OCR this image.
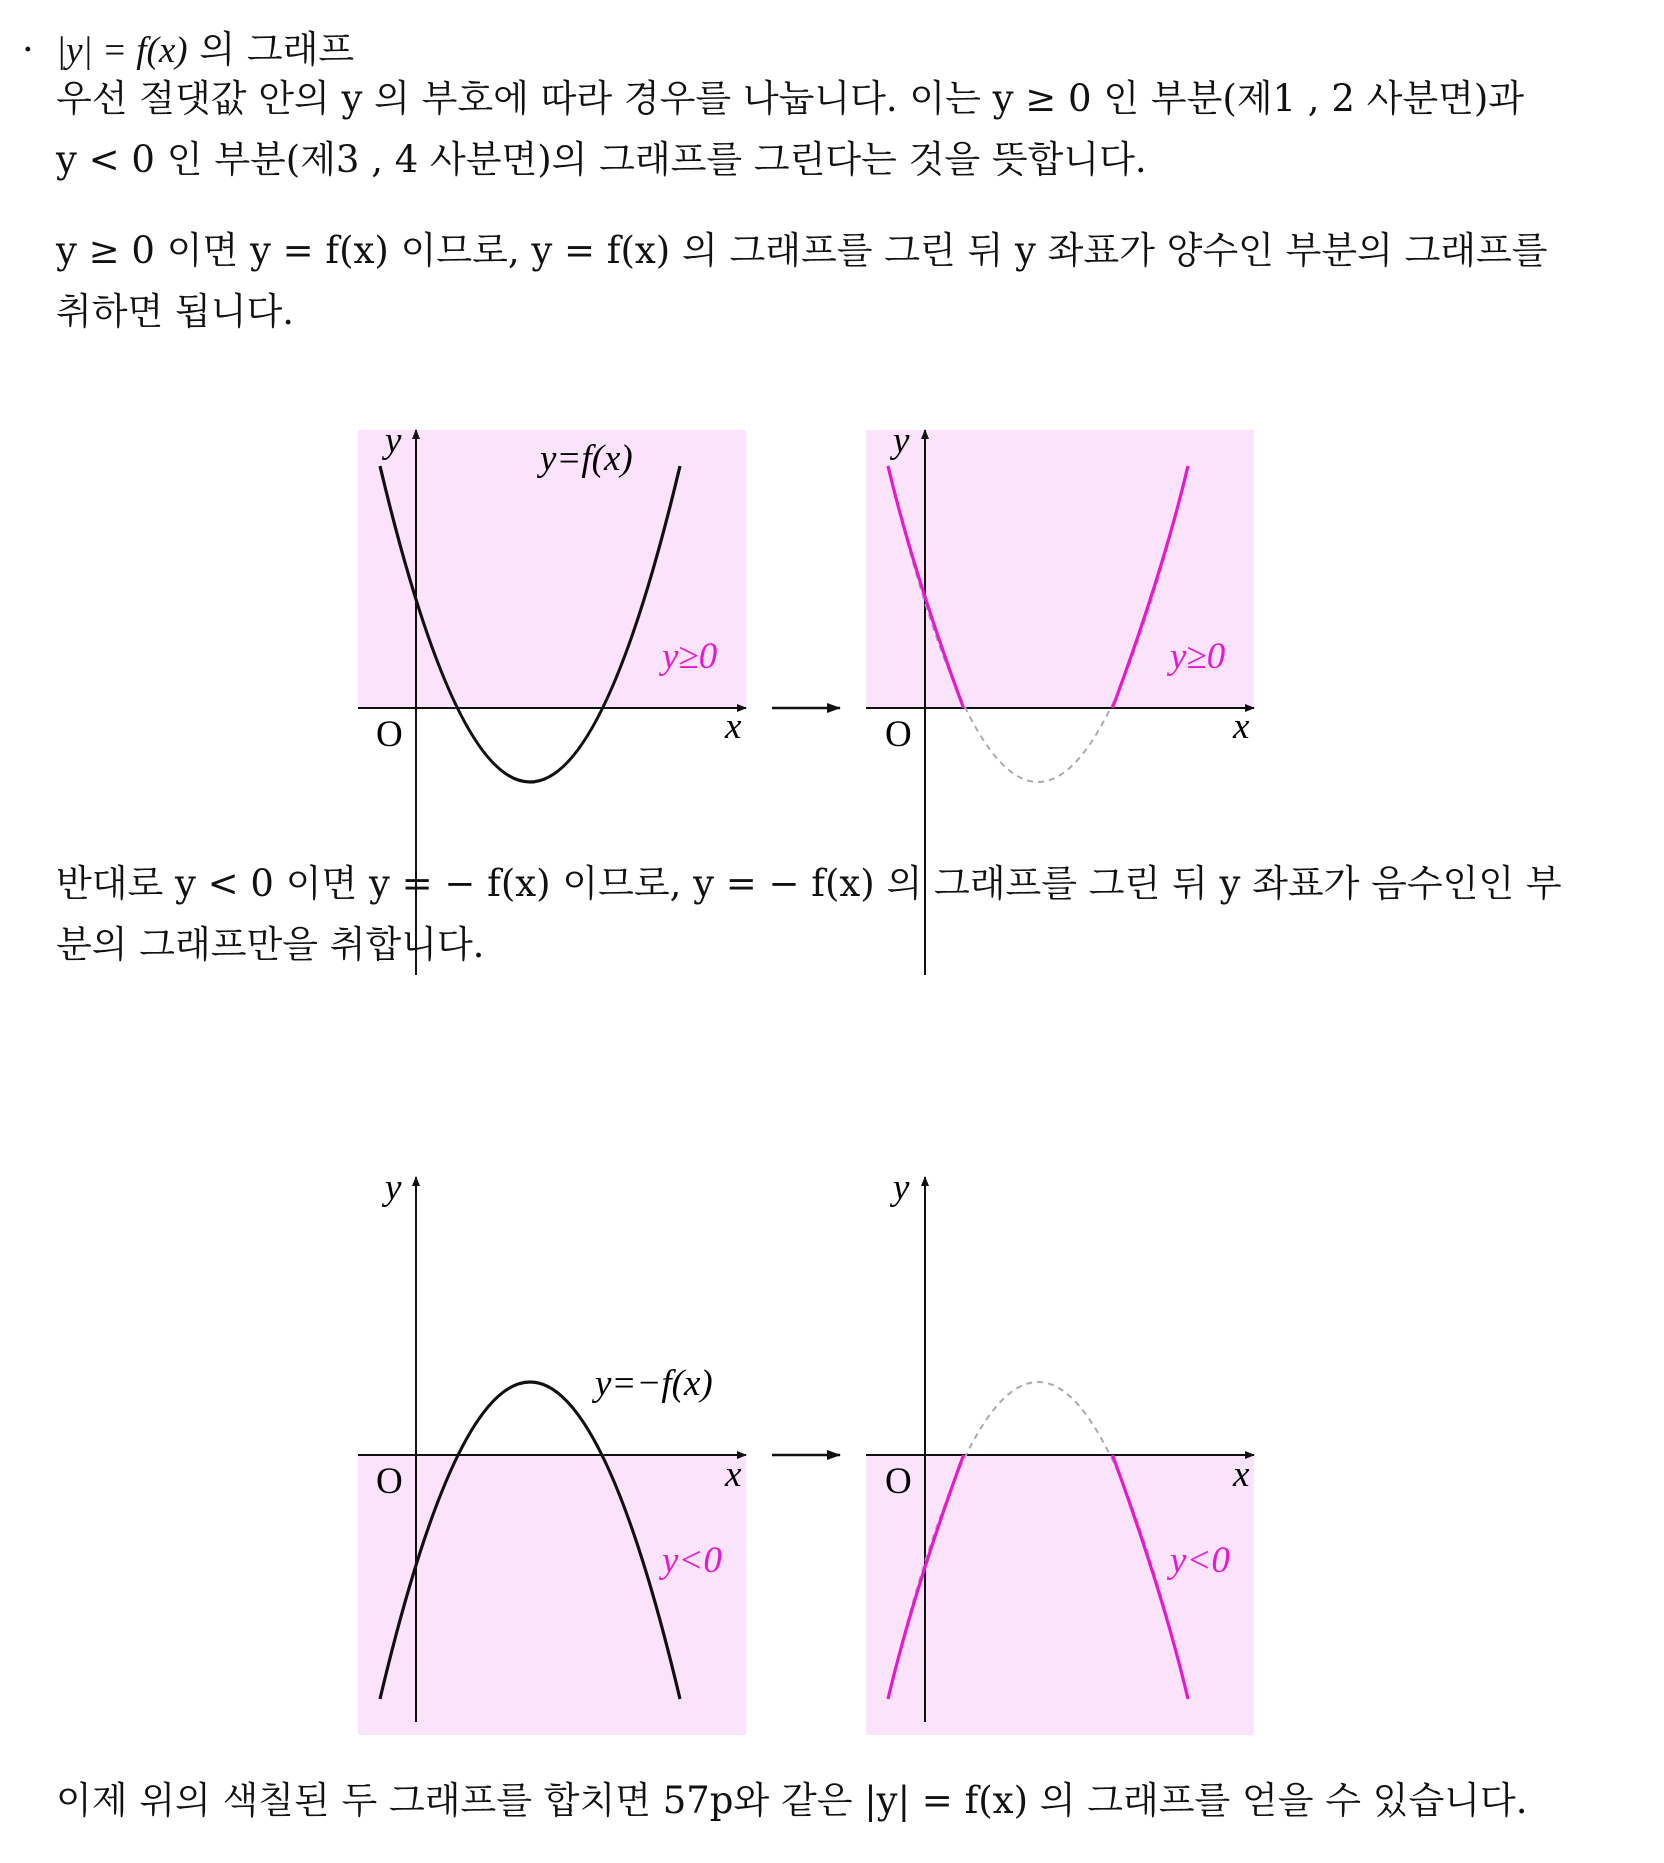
· |y| = f(x) 의 그래프

우선 절댓값 안의 y 의 부호에 따라 경우를 나눕니다. 이는 y ≥ 0 인 부분(제1 , 2 사분면)과
y < 0 인 부분(제3 , 4 사분면)의 그래프를 그린다는 것을 뜻합니다.

y ≥ 0 이면 y = f(x) 이므로, y = f(x) 의 그래프를 그린 뒤 y 좌표가 양수인 부분의 그래프를
취하면 됩니다.

반대로 y < 0 이면 y = − f(x) 이므로, y = − f(x) 의 그래프를 그린 뒤 y 좌표가 음수인인 부
분의 그래프만을 취합니다.

이제 위의 색칠된 두 그래프를 합치면 57p와 같은 |y| = f(x) 의 그래프를 얻을 수 있습니다.

y
x
O
y=f(x)
y≥0
y
x
O
y≥0
y
x
O
y=−f(x)
y<0
y
x
O
y<0
